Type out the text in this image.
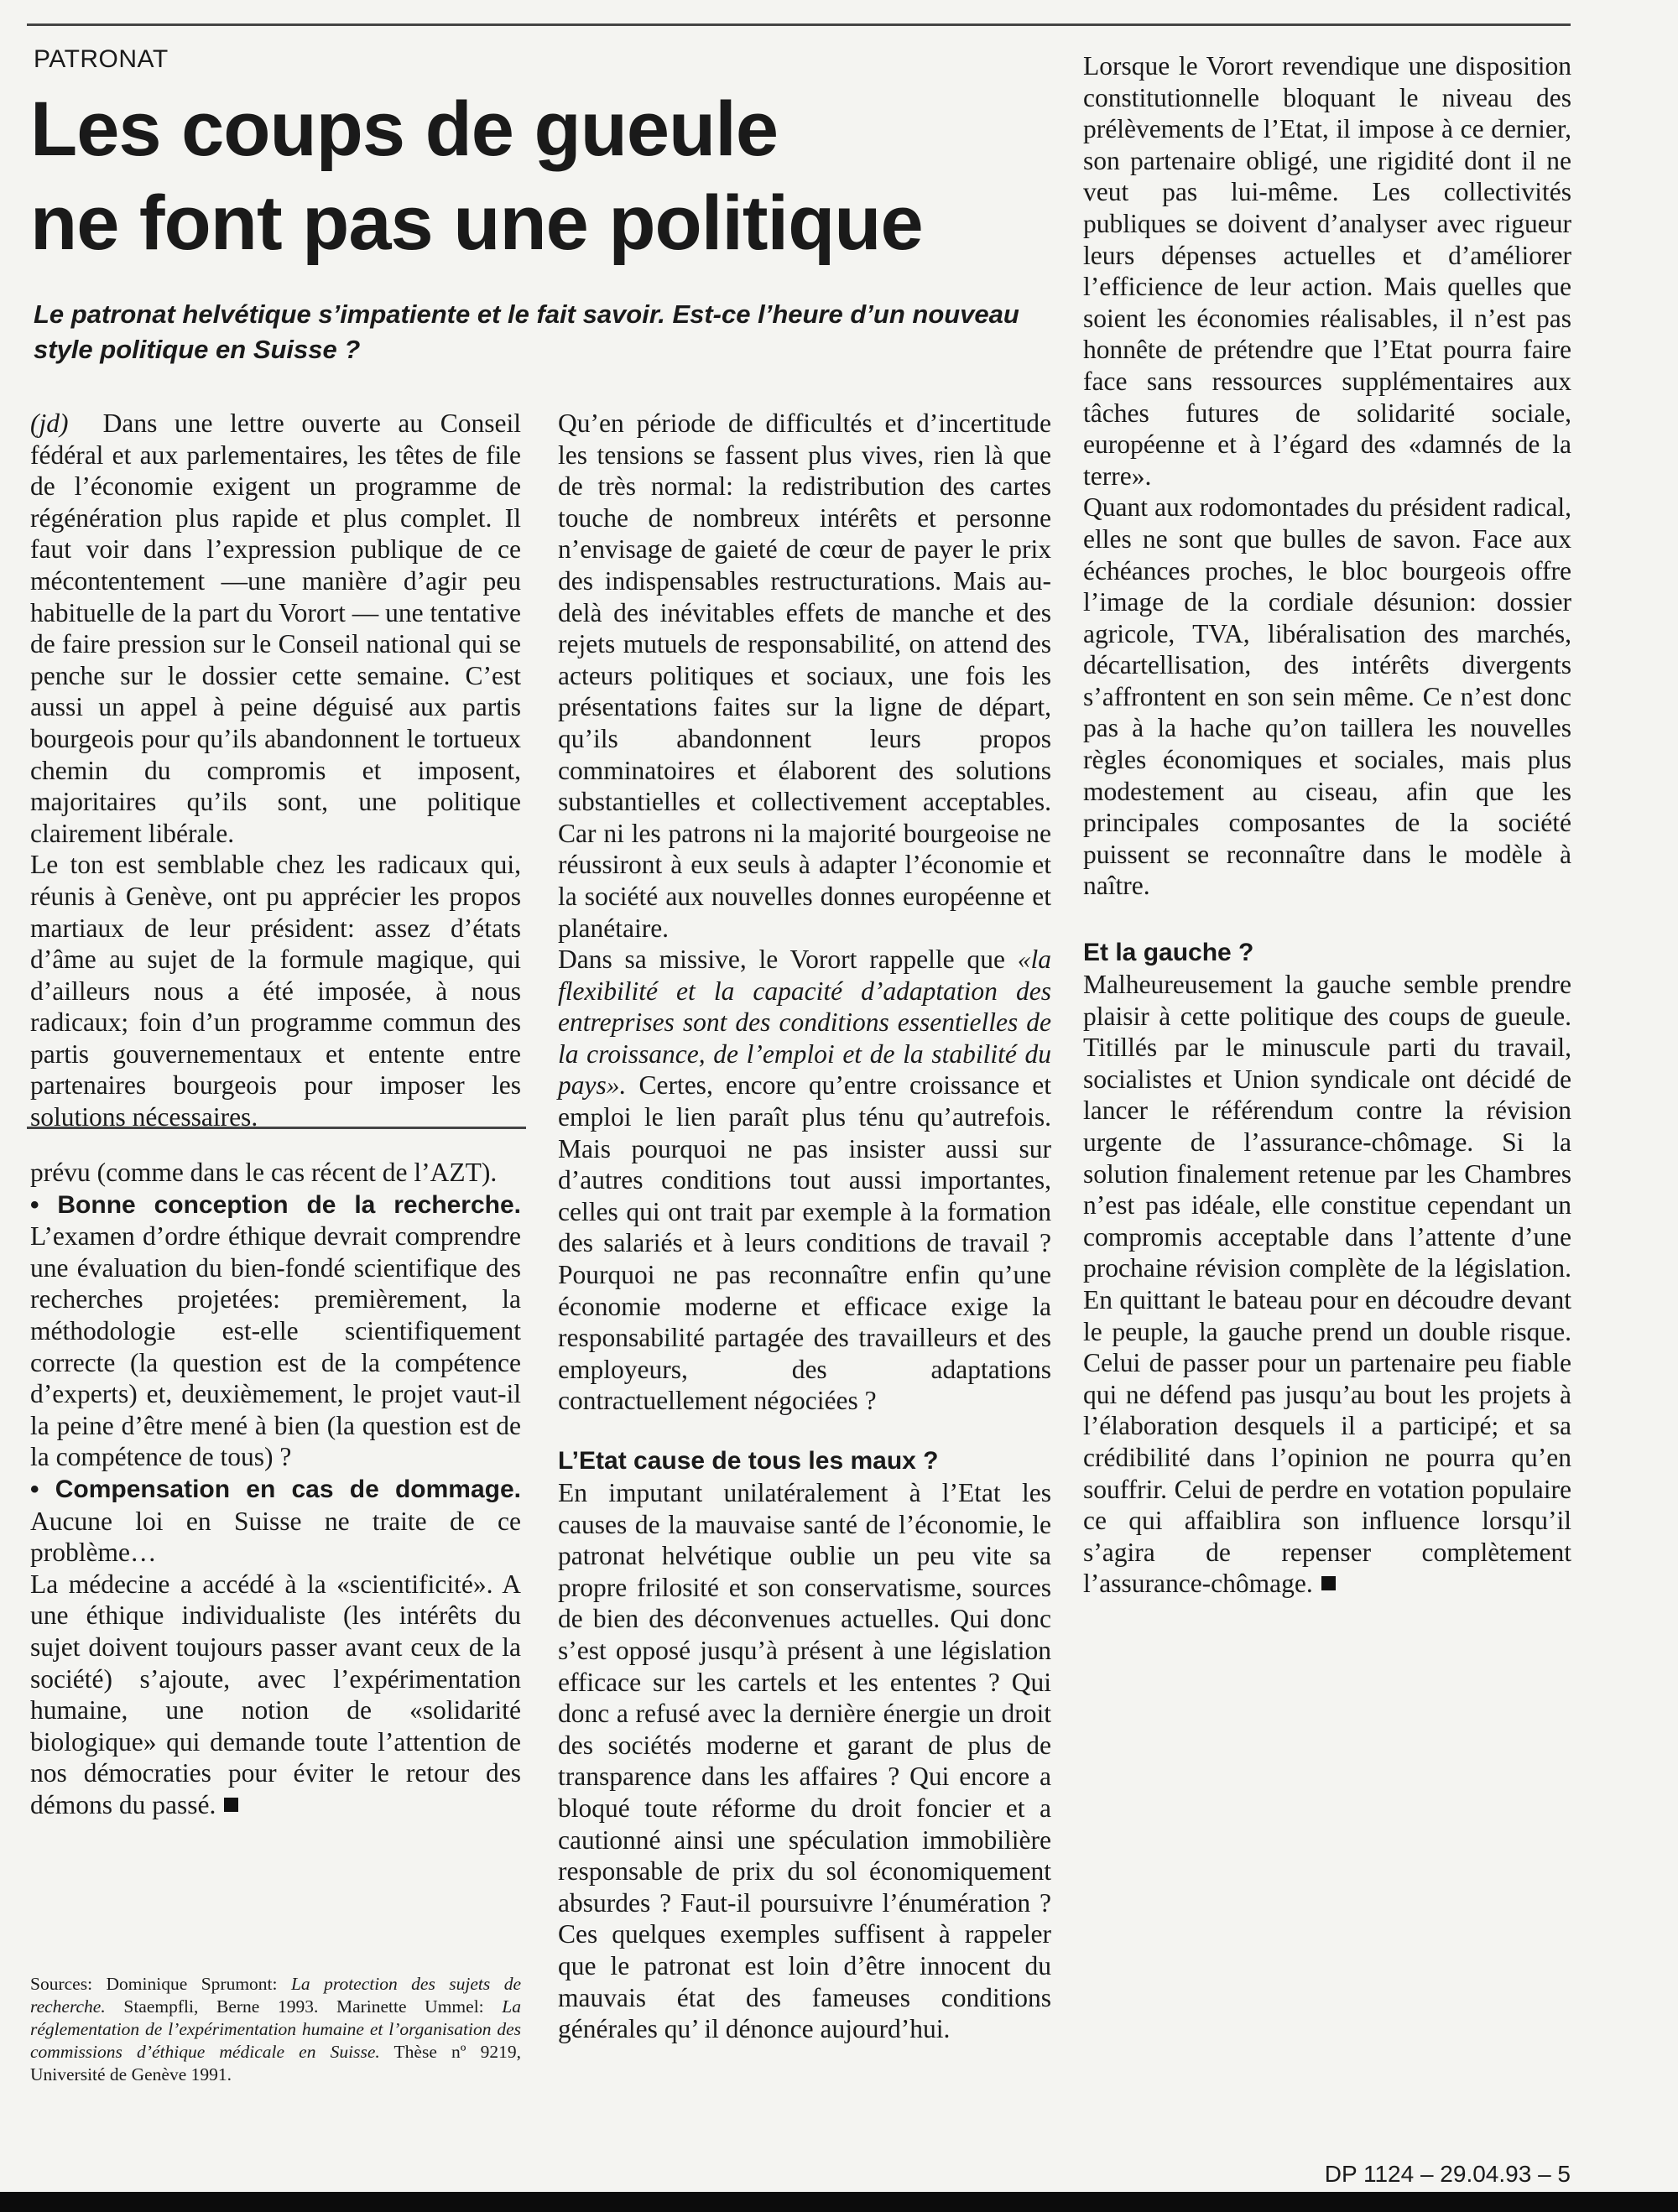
PATRONAT
Les coups de gueule
ne font pas une politique

Le patronat helvétique s’impatiente et le fait savoir. Est-ce l’heure d’un nouveau style politique en Suisse ?

(jd) Dans une lettre ouverte au Conseil fédéral et aux parlementaires, les têtes de file de l’économie exigent un programme de régénération plus rapide et plus complet. Il faut voir dans l’expression publique de ce mécontentement —une manière d’agir peu habituelle de la part du Vorort — une tentative de faire pression sur le Conseil national qui se penche sur le dossier cette semaine. C’est aussi un appel à peine déguisé aux partis bourgeois pour qu’ils abandonnent le tortueux chemin du compromis et imposent, majoritaires qu’ils sont, une politique clairement libérale.

Le ton est semblable chez les radicaux qui, réunis à Genève, ont pu apprécier les propos martiaux de leur président: assez d’états d’âme au sujet de la formule magique, qui d’ailleurs nous a été imposée, à nous radicaux; foin d’un programme commun des partis gouvernementaux et entente entre partenaires bourgeois pour imposer les solutions nécessaires.

prévu (comme dans le cas récent de l’AZT).

• Bonne conception de la recherche. L’examen d’ordre éthique devrait comprendre une évaluation du bien-fondé scientifique des recherches projetées: premièrement, la méthodologie est-elle scientifiquement correcte (la question est de la compétence d’experts) et, deuxièmement, le projet vaut-il la peine d’être mené à bien (la question est de la compétence de tous) ?

• Compensation en cas de dommage. Aucune loi en Suisse ne traite de ce problème…

La médecine a accédé à la «scientificité». A une éthique individualiste (les intérêts du sujet doivent toujours passer avant ceux de la société) s’ajoute, avec l’expérimentation humaine, une notion de «solidarité biologique» qui demande toute l’attention de nos démocraties pour éviter le retour des démons du passé.

Sources: Dominique Sprumont: La protection des sujets de recherche. Staempfli, Berne 1993. Marinette Ummel: La réglementation de l’expérimentation humaine et l’organisation des commissions d’éthique médicale en Suisse. Thèse nº 9219, Université de Genève 1991.

Qu’en période de difficultés et d’incertitude les tensions se fassent plus vives, rien là que de très normal: la redistribution des cartes touche de nombreux intérêts et personne n’envisage de gaieté de cœur de payer le prix des indispensables restructurations. Mais au-delà des inévitables effets de manche et des rejets mutuels de responsabilité, on attend des acteurs politiques et sociaux, une fois les présentations faites sur la ligne de départ, qu’ils abandonnent leurs propos comminatoires et élaborent des solutions substantielles et collectivement acceptables. Car ni les patrons ni la majorité bourgeoise ne réussiront à eux seuls à adapter l’économie et la société aux nouvelles donnes européenne et planétaire.

Dans sa missive, le Vorort rappelle que «la flexibilité et la capacité d’adaptation des entreprises sont des conditions essentielles de la croissance, de l’emploi et de la stabilité du pays». Certes, encore qu’entre croissance et emploi le lien paraît plus ténu qu’autrefois. Mais pourquoi ne pas insister aussi sur d’autres conditions tout aussi importantes, celles qui ont trait par exemple à la formation des salariés et à leurs conditions de travail ? Pourquoi ne pas reconnaître enfin qu’une économie moderne et efficace exige la responsabilité partagée des travailleurs et des employeurs, des adaptations contractuellement négociées ?

L’Etat cause de tous les maux ?

En imputant unilatéralement à l’Etat les causes de la mauvaise santé de l’économie, le patronat helvétique oublie un peu vite sa propre frilosité et son conservatisme, sources de bien des déconvenues actuelles. Qui donc s’est opposé jusqu’à présent à une législation efficace sur les cartels et les ententes ? Qui donc a refusé avec la dernière énergie un droit des sociétés moderne et garant de plus de transparence dans les affaires ? Qui encore a bloqué toute réforme du droit foncier et a cautionné ainsi une spéculation immobilière responsable de prix du sol économiquement absurdes ? Faut-il poursuivre l’énumération ? Ces quelques exemples suffisent à rappeler que le patronat est loin d’être innocent du mauvais état des fameuses conditions générales qu’ il dénonce aujourd’hui.

Lorsque le Vorort revendique une disposition constitutionnelle bloquant le niveau des prélèvements de l’Etat, il impose à ce dernier, son partenaire obligé, une rigidité dont il ne veut pas lui-même. Les collectivités publiques se doivent d’analyser avec rigueur leurs dépenses actuelles et d’améliorer l’efficience de leur action. Mais quelles que soient les économies réalisables, il n’est pas honnête de prétendre que l’Etat pourra faire face sans ressources supplémentaires aux tâches futures de solidarité sociale, européenne et à l’égard des «damnés de la terre».

Quant aux rodomontades du président radical, elles ne sont que bulles de savon. Face aux échéances proches, le bloc bourgeois offre l’image de la cordiale désunion: dossier agricole, TVA, libéralisation des marchés, décartellisation, des intérêts divergents s’affrontent en son sein même. Ce n’est donc pas à la hache qu’on taillera les nouvelles règles économiques et sociales, mais plus modestement au ciseau, afin que les principales composantes de la société puissent se reconnaître dans le modèle à naître.

Et la gauche ?

Malheureusement la gauche semble prendre plaisir à cette politique des coups de gueule. Titillés par le minuscule parti du travail, socialistes et Union syndicale ont décidé de lancer le référendum contre la révision urgente de l’assurance-chômage. Si la solution finalement retenue par les Chambres n’est pas idéale, elle constitue cependant un compromis acceptable dans l’attente d’une prochaine révision complète de la législation. En quittant le bateau pour en découdre devant le peuple, la gauche prend un double risque. Celui de passer pour un partenaire peu fiable qui ne défend pas jusqu’au bout les projets à l’élaboration desquels il a participé; et sa crédibilité dans l’opinion ne pourra qu’en souffrir. Celui de perdre en votation populaire ce qui affaiblira son influence lorsqu’il s’agira de repenser complètement l’assurance-chômage.

DP 1124 – 29.04.93 – 5
